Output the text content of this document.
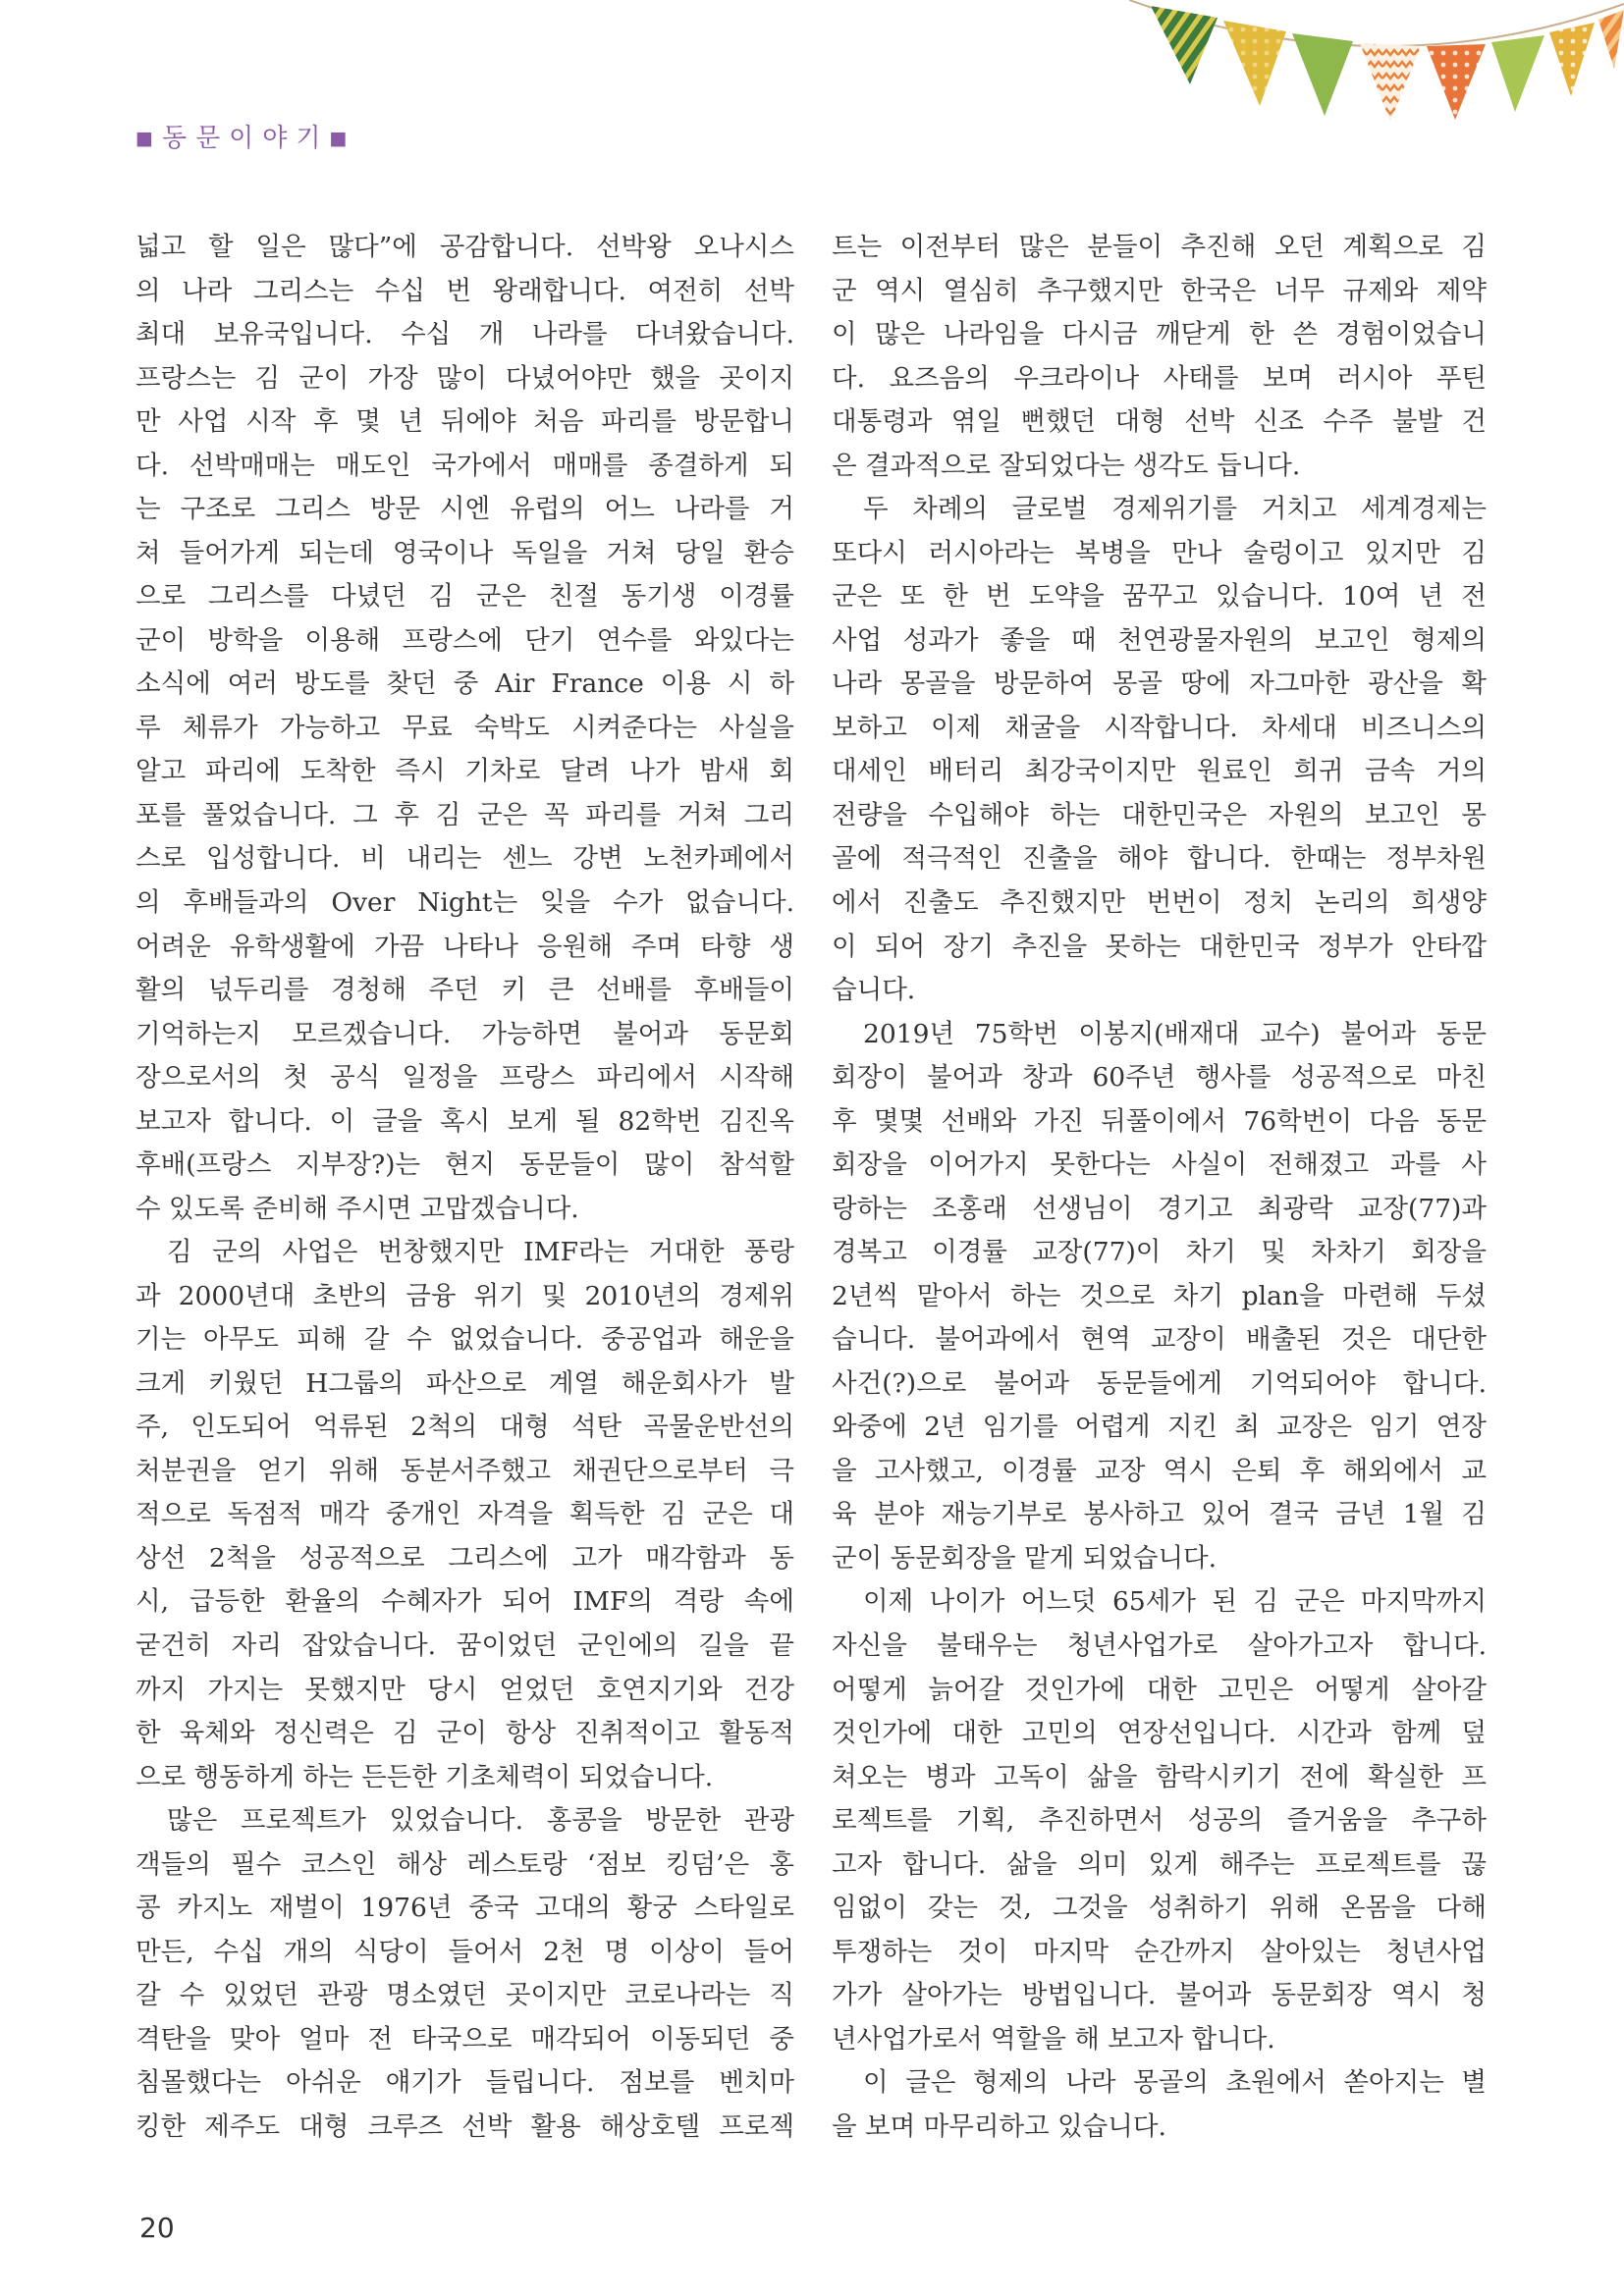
■ 동문이야기■
넓고 할 일은 많다”에 공감합니다. 선박왕 오나시스
의 나라 그리스는 수십 번 왕래합니다. 여전히 선박
최대 보유국입니다. 수십 개 나라를 다녀왔습니다.
프랑스는 김 군이 가장 많이 다녔어야만 했을 곳이지
만 사업 시작 후 몇 년 뒤에야 처음 파리를 방문합니
다. 선박매매는 매도인 국가에서 매매를 종결하게 되
는 구조로 그리스 방문 시엔 유럽의 어느 나라를 거
쳐 들어가게 되는데 영국이나 독일을 거쳐 당일 환승
으로 그리스를 다녔던 김 군은 친절 동기생 이경률
군이 방학을 이용해 프랑스에 단기 연수를 와있다는
소식에 여러 방도를 찾던 중 Air France 이용 시 하
루 체류가 가능하고 무료 숙박도 시켜준다는 사실을
알고 파리에 도착한 즉시 기차로 달려 나가 밤새 회
포를 풀었습니다. 그 후 김 군은 꼭 파리를 거쳐 그리
스로 입성합니다. 비 내리는 센느 강변 노천카페에서
의 후배들과의 Over Night는 잊을 수가 없습니다.
어려운 유학생활에 가끔 나타나 응원해 주며 타향 생
활의 넋두리를 경청해 주던 키 큰 선배를 후배들이
기억하는지 모르겠습니다. 가능하면 불어과 동문회
장으로서의 첫 공식 일정을 프랑스 파리에서 시작해
보고자 합니다. 이 글을 혹시 보게 될 82학번 김진옥
후배(프랑스 지부장?)는 현지 동문들이 많이 참석할
수 있도록 준비해 주시면 고맙겠습니다.
김 군의 사업은 번창했지만 IMF라는 거대한 풍랑
과 2000년대 초반의 금융 위기 및 2010년의 경제위
기는 아무도 피해 갈 수 없었습니다. 중공업과 해운을
크게 키웠던 H그룹의 파산으로 계열 해운회사가 발
주, 인도되어 억류된 2척의 대형 석탄 곡물운반선의
처분권을 얻기 위해 동분서주했고 채권단으로부터 극
적으로 독점적 매각 중개인 자격을 획득한 김 군은 대
상선 2척을 성공적으로 그리스에 고가 매각함과 동
시, 급등한 환율의 수혜자가 되어 IMF의 격랑 속에
굳건히 자리 잡았습니다. 꿈이었던 군인에의 길을 끝
까지 가지는 못했지만 당시 얻었던 호연지기와 건강
한 육체와 정신력은 김 군이 항상 진취적이고 활동적
으로 행동하게 하는 든든한 기초체력이 되었습니다.
많은 프로젝트가 있었습니다. 홍콩을 방문한 관광
객들의 필수 코스인 해상 레스토랑 ‘점보 킹덤’은 홍
콩 카지노 재벌이 1976년 중국 고대의 황궁 스타일로
만든, 수십 개의 식당이 들어서 2천 명 이상이 들어
갈 수 있었던 관광 명소였던 곳이지만 코로나라는 직
격탄을 맞아 얼마 전 타국으로 매각되어 이동되던 중
침몰했다는 아쉬운 얘기가 들립니다. 점보를 벤치마
킹한 제주도 대형 크루즈 선박 활용 해상호텔 프로젝
트는 이전부터 많은 분들이 추진해 오던 계획으로 김
군 역시 열심히 추구했지만 한국은 너무 규제와 제약
이 많은 나라임을 다시금 깨닫게 한 쓴 경험이었습니
다. 요즈음의 우크라이나 사태를 보며 러시아 푸틴
대통령과 엮일 뻔했던 대형 선박 신조 수주 불발 건
은 결과적으로 잘되었다는 생각도 듭니다.
두 차례의 글로벌 경제위기를 거치고 세계경제는
또다시 러시아라는 복병을 만나 술렁이고 있지만 김
군은 또 한 번 도약을 꿈꾸고 있습니다. 10여 년 전
사업 성과가 좋을 때 천연광물자원의 보고인 형제의
나라 몽골을 방문하여 몽골 땅에 자그마한 광산을 확
보하고 이제 채굴을 시작합니다. 차세대 비즈니스의
대세인 배터리 최강국이지만 원료인 희귀 금속 거의
전량을 수입해야 하는 대한민국은 자원의 보고인 몽
골에 적극적인 진출을 해야 합니다. 한때는 정부차원
에서 진출도 추진했지만 번번이 정치 논리의 희생양
이 되어 장기 추진을 못하는 대한민국 정부가 안타깝
습니다.
2019년 75학번 이봉지(배재대 교수) 불어과 동문
회장이 불어과 창과 60주년 행사를 성공적으로 마친
후 몇몇 선배와 가진 뒤풀이에서 76학번이 다음 동문
회장을 이어가지 못한다는 사실이 전해졌고 과를 사
랑하는 조홍래 선생님이 경기고 최광락 교장(77)과
경복고 이경률 교장(77)이 차기 및 차차기 회장을
2년씩 맡아서 하는 것으로 차기 plan을 마련해 두셨
습니다. 불어과에서 현역 교장이 배출된 것은 대단한
사건(?)으로 불어과 동문들에게 기억되어야 합니다.
와중에 2년 임기를 어렵게 지킨 최 교장은 임기 연장
을 고사했고, 이경률 교장 역시 은퇴 후 해외에서 교
육 분야 재능기부로 봉사하고 있어 결국 금년 1월 김
군이 동문회장을 맡게 되었습니다.
이제 나이가 어느덧 65세가 된 김 군은 마지막까지
자신을 불태우는 청년사업가로 살아가고자 합니다.
어떻게 늙어갈 것인가에 대한 고민은 어떻게 살아갈
것인가에 대한 고민의 연장선입니다. 시간과 함께 덮
쳐오는 병과 고독이 삶을 함락시키기 전에 확실한 프
로젝트를 기획, 추진하면서 성공의 즐거움을 추구하
고자 합니다. 삶을 의미 있게 해주는 프로젝트를 끊
임없이 갖는 것, 그것을 성취하기 위해 온몸을 다해
투쟁하는 것이 마지막 순간까지 살아있는 청년사업
가가 살아가는 방법입니다. 불어과 동문회장 역시 청
년사업가로서 역할을 해 보고자 합니다.
이 글은 형제의 나라 몽골의 초원에서 쏟아지는 별
을 보며 마무리하고 있습니다.
20
